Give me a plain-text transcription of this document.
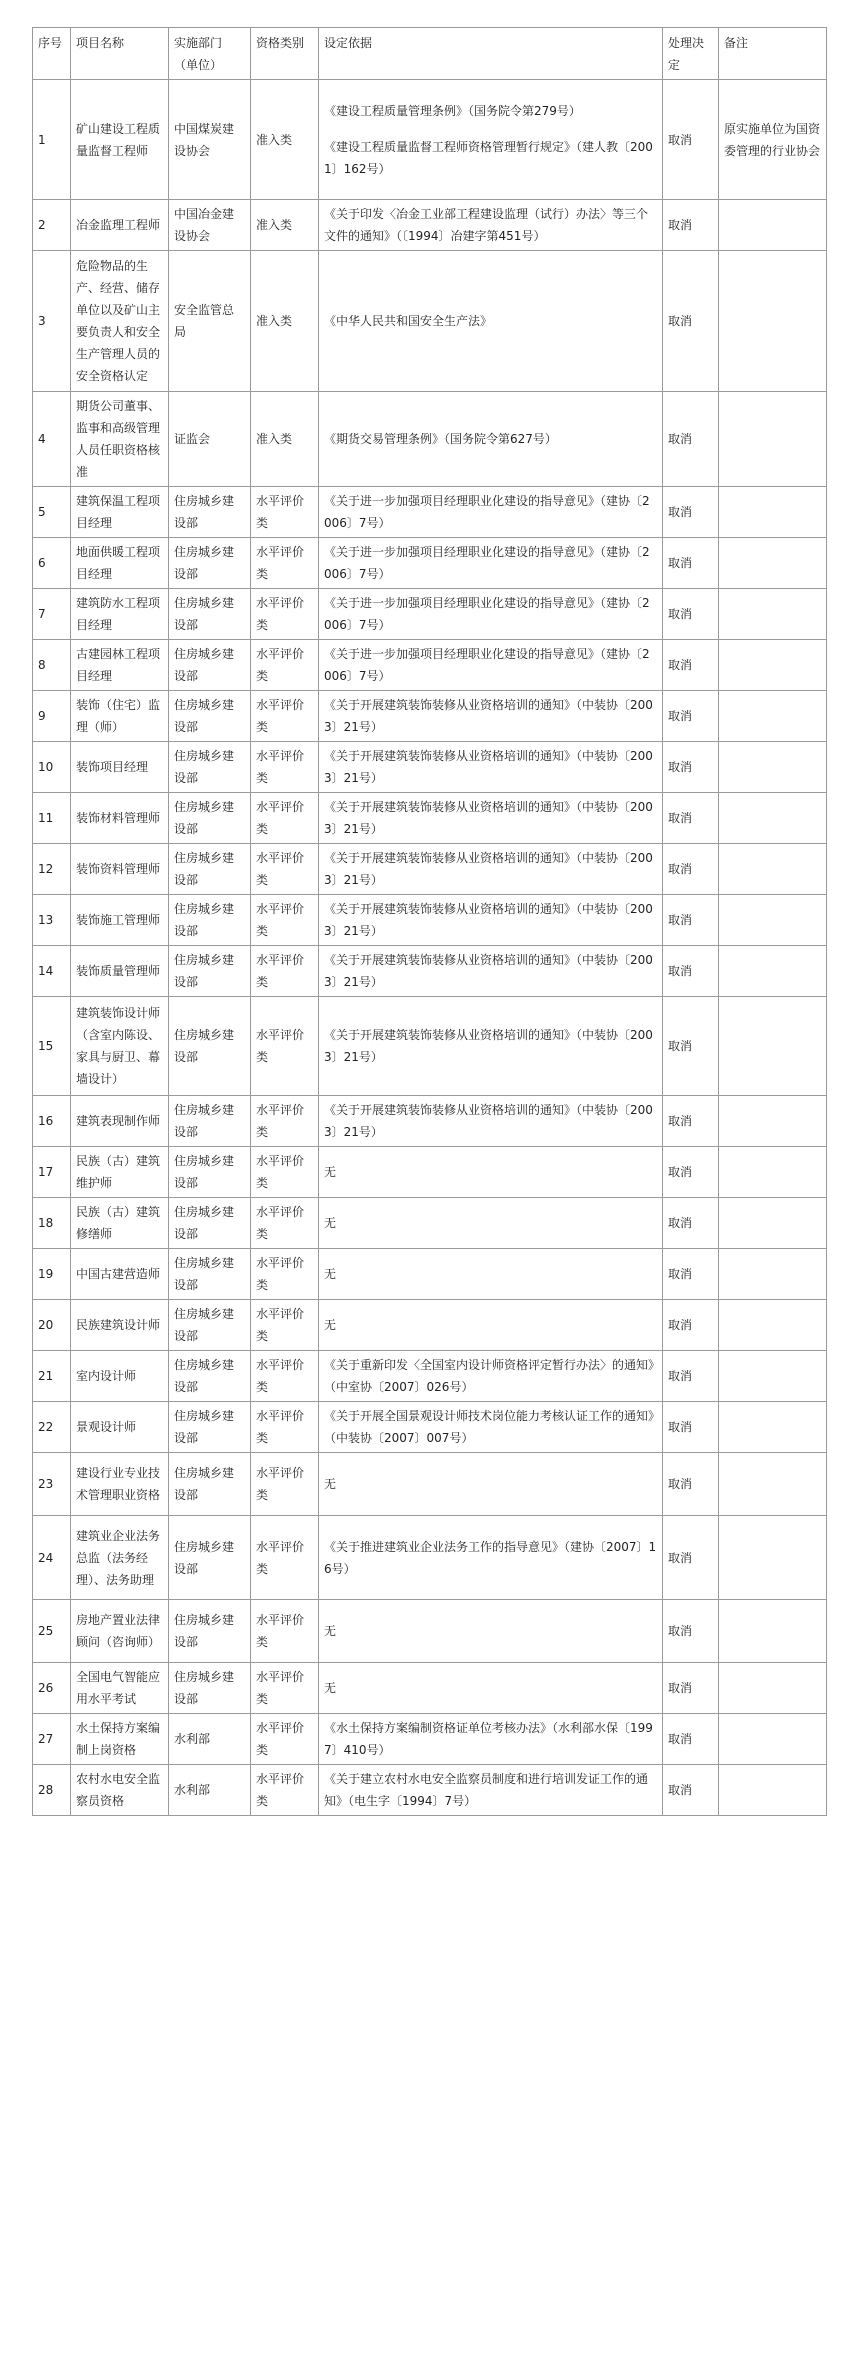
序号	项目名称	实施部门（单位）	资格类别	设定依据	处理决定	备注
1	矿山建设工程质量监督工程师	中国煤炭建设协会	准入类	《建设工程质量管理条例》（国务院令第279号）
《建设工程质量监督工程师资格管理暂行规定》（建人教〔2001〕162号）	取消	原实施单位为国资委管理的行业协会
2	冶金监理工程师	中国冶金建设协会	准入类	《关于印发〈冶金工业部工程建设监理（试行）办法〉等三个文件的通知》（〔1994〕冶建字第451号）	取消	
3	危险物品的生产、经营、储存单位以及矿山主要负责人和安全生产管理人员的安全资格认定	安全监管总局	准入类	《中华人民共和国安全生产法》	取消	
4	期货公司董事、监事和高级管理人员任职资格核准	证监会	准入类	《期货交易管理条例》（国务院令第627号）	取消	
5	建筑保温工程项目经理	住房城乡建设部	水平评价类	《关于进一步加强项目经理职业化建设的指导意见》（建协〔2006〕7号）	取消	
6	地面供暖工程项目经理	住房城乡建设部	水平评价类	《关于进一步加强项目经理职业化建设的指导意见》（建协〔2006〕7号）	取消	
7	建筑防水工程项目经理	住房城乡建设部	水平评价类	《关于进一步加强项目经理职业化建设的指导意见》（建协〔2006〕7号）	取消	
8	古建园林工程项目经理	住房城乡建设部	水平评价类	《关于进一步加强项目经理职业化建设的指导意见》（建协〔2006〕7号）	取消	
9	装饰（住宅）监理（师）	住房城乡建设部	水平评价类	《关于开展建筑装饰装修从业资格培训的通知》（中装协〔2003〕21号）	取消	
10	装饰项目经理	住房城乡建设部	水平评价类	《关于开展建筑装饰装修从业资格培训的通知》（中装协〔2003〕21号）	取消	
11	装饰材料管理师	住房城乡建设部	水平评价类	《关于开展建筑装饰装修从业资格培训的通知》（中装协〔2003〕21号）	取消	
12	装饰资料管理师	住房城乡建设部	水平评价类	《关于开展建筑装饰装修从业资格培训的通知》（中装协〔2003〕21号）	取消	
13	装饰施工管理师	住房城乡建设部	水平评价类	《关于开展建筑装饰装修从业资格培训的通知》（中装协〔2003〕21号）	取消	
14	装饰质量管理师	住房城乡建设部	水平评价类	《关于开展建筑装饰装修从业资格培训的通知》（中装协〔2003〕21号）	取消	
15	建筑装饰设计师（含室内陈设、家具与厨卫、幕墙设计）	住房城乡建设部	水平评价类	《关于开展建筑装饰装修从业资格培训的通知》（中装协〔2003〕21号）	取消	
16	建筑表现制作师	住房城乡建设部	水平评价类	《关于开展建筑装饰装修从业资格培训的通知》（中装协〔2003〕21号）	取消	
17	民族（古）建筑维护师	住房城乡建设部	水平评价类	无	取消	
18	民族（古）建筑修缮师	住房城乡建设部	水平评价类	无	取消	
19	中国古建营造师	住房城乡建设部	水平评价类	无	取消	
20	民族建筑设计师	住房城乡建设部	水平评价类	无	取消	
21	室内设计师	住房城乡建设部	水平评价类	《关于重新印发〈全国室内设计师资格评定暂行办法〉的通知》（中室协〔2007〕026号）	取消	
22	景观设计师	住房城乡建设部	水平评价类	《关于开展全国景观设计师技术岗位能力考核认证工作的通知》（中装协〔2007〕007号）	取消	
23	建设行业专业技术管理职业资格	住房城乡建设部	水平评价类	无	取消	
24	建筑业企业法务总监（法务经理）、法务助理	住房城乡建设部	水平评价类	《关于推进建筑业企业法务工作的指导意见》（建协〔2007〕16号）	取消	
25	房地产置业法律顾问（咨询师）	住房城乡建设部	水平评价类	无	取消	
26	全国电气智能应用水平考试	住房城乡建设部	水平评价类	无	取消	
27	水土保持方案编制上岗资格	水利部	水平评价类	《水土保持方案编制资格证单位考核办法》（水利部水保〔1997〕410号）	取消	
28	农村水电安全监察员资格	水利部	水平评价类	《关于建立农村水电安全监察员制度和进行培训发证工作的通知》（电生字〔1994〕7号）	取消	
